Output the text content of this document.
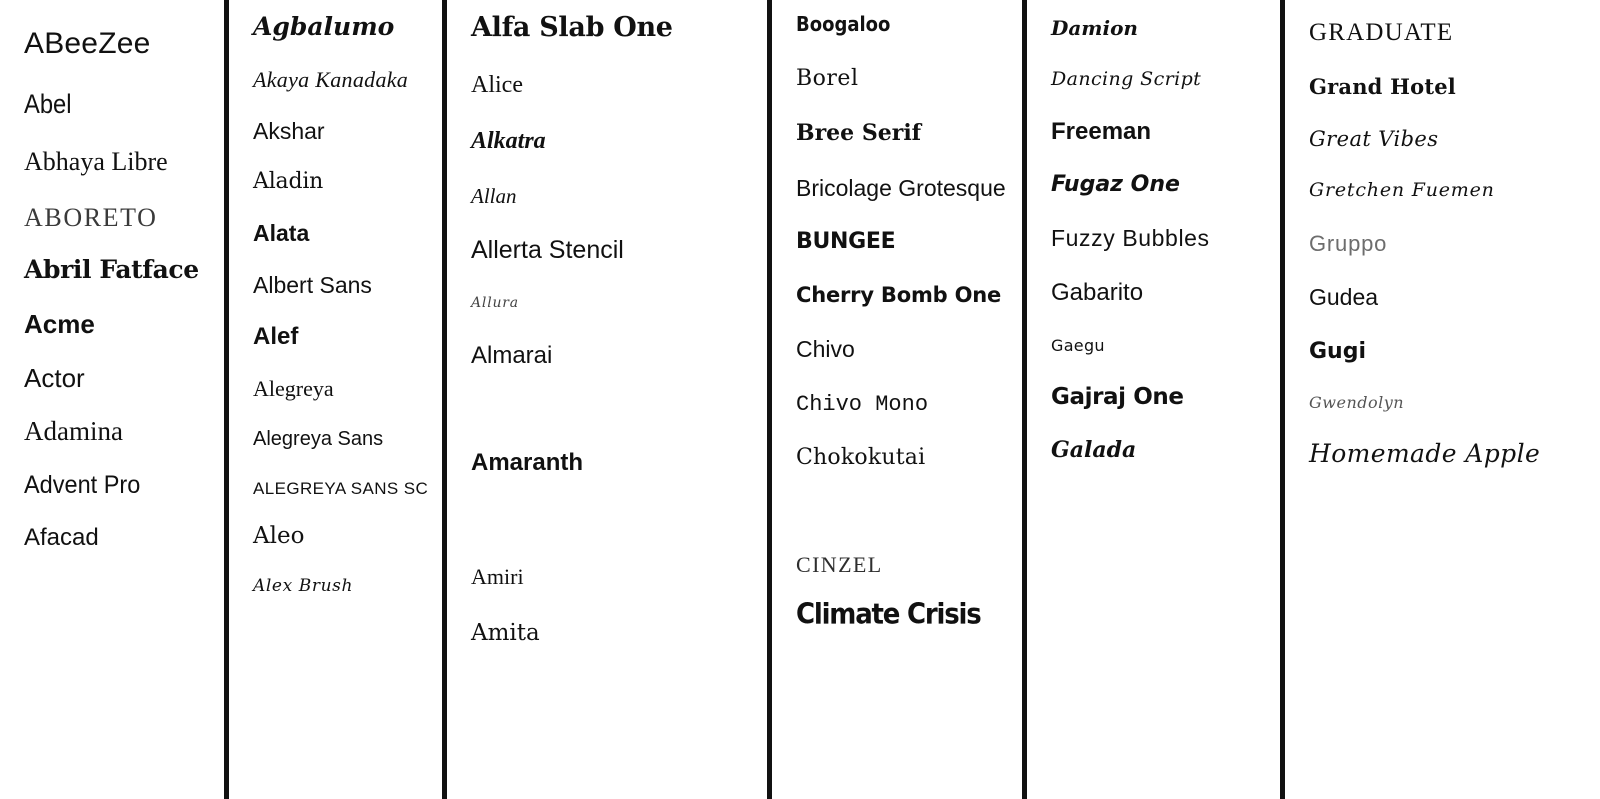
ABeeZee
Abel
Abhaya Libre
ABORETO
Abril Fatface
Acme
Actor
Adamina
Advent Pro
Afacad
Agbalumo
Akaya Kanadaka
Akshar
Aladin
Alata
Albert Sans
Alef
Alegreya
Alegreya Sans
ALEGREYA SANS SC
Aleo
Alex Brush
Alfa Slab One
Alice
Alkatra
Allan
Allerta Stencil
Allura
Almarai
Amaranth
Amiri
Amita
Boogaloo
Borel
Bree Serif
Bricolage Grotesque
BUNGEE
Cherry Bomb One
Chivo
Chivo Mono
Chokokutai
CINZEL
Climate Crisis
Damion
Dancing Script
Freeman
Fugaz One
Fuzzy Bubbles
Gabarito
Gaegu
Gajraj One
Galada
GRADUATE
Grand Hotel
Great Vibes
Gretchen Fuemen
Gruppo
Gudea
Gugi
Gwendolyn
Homemade Apple
